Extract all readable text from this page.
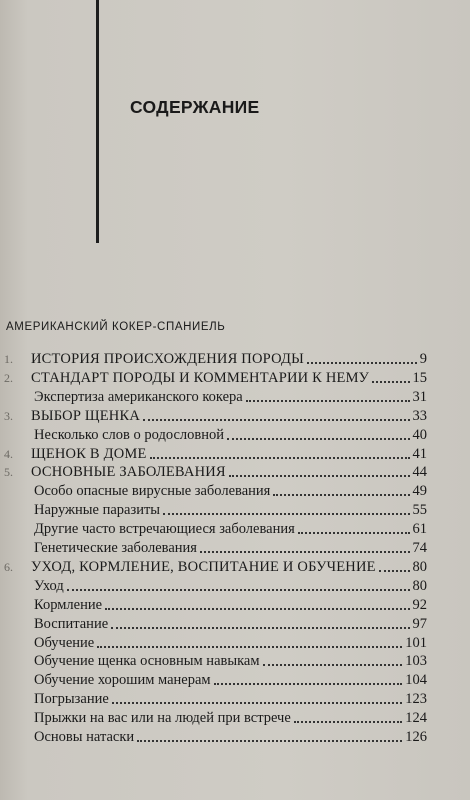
СОДЕРЖАНИЕ
АМЕРИКАНСКИЙ КОКЕР-СПАНИЕЛЬ
1. ИСТОРИЯ ПРОИСХОЖДЕНИЯ ПОРОДЫ	9
2. СТАНДАРТ ПОРОДЫ И КОММЕНТАРИИ К НЕМУ	15
Экспертиза американского кокера	31
3. ВЫБОР ЩЕНКА	33
Несколько слов о родословной	40
4. ЩЕНОК В ДОМЕ	41
5. ОСНОВНЫЕ ЗАБОЛЕВАНИЯ	44
Особо опасные вирусные заболевания	49
Наружные паразиты	55
Другие часто встречающиеся заболевания	61
Генетические заболевания	74
6. УХОД, КОРМЛЕНИЕ, ВОСПИТАНИЕ И ОБУЧЕНИЕ	80
Уход	80
Кормление	92
Воспитание	97
Обучение	101
Обучение щенка основным навыкам	103
Обучение хорошим манерам	104
Погрызание	123
Прыжки на вас или на людей при встрече	124
Основы натаски	126
